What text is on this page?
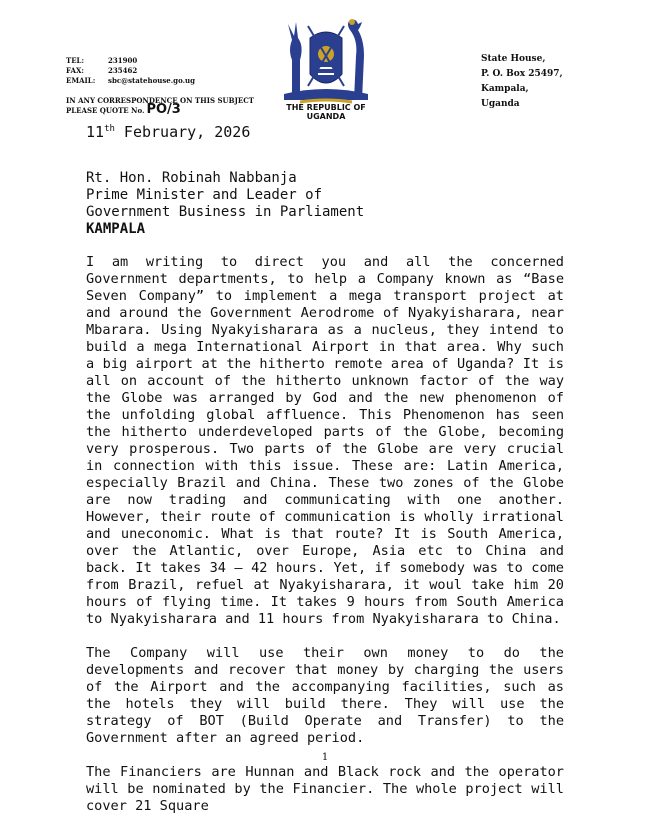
TEL:	231900
FAX:	235462
EMAIL:	sbc@statehouse.go.ug
IN ANY CORRESPONDENCE ON THIS SUBJECT PLEASE QUOTE No. PO/3	THE REPUBLIC OF UGANDA
State House,
P. O. Box 25497,
Kampala,
Uganda
11th February, 2026
Rt. Hon. Robinah Nabbanja
Prime Minister and Leader of
Government Business in Parliament
KAMPALA

I am writing to direct you and all the concerned Government departments, to help a Company known as “Base Seven Company” to implement a mega transport project at and around the Government Aerodrome of Nyakyisharara, near Mbarara. Using Nyakyisharara as a nucleus, they intend to build a mega International Airport in that area. Why such a big airport at the hitherto remote area of Uganda? It is all on account of the hitherto unknown factor of the way the Globe was arranged by God and the new phenomenon of the unfolding global affluence. This Phenomenon has seen the hitherto underdeveloped parts of the Globe, becoming very prosperous. Two parts of the Globe are very crucial in connection with this issue. These are: Latin America, especially Brazil and China. These two zones of the Globe are now trading and communicating with one another. However, their route of communication is wholly irrational and uneconomic. What is that route? It is South America, over the Atlantic, over Europe, Asia etc to China and back. It takes 34 – 42 hours. Yet, if somebody was to come from Brazil, refuel at Nyakyisharara, it woul take him 20 hours of flying time. It takes 9 hours from South America to Nyakyisharara and 11 hours from Nyakyisharara to China.

The Company will use their own money to do the developments and recover that money by charging the users of the Airport and the accompanying facilities, such as the hotels they will build there. They will use the strategy of BOT (Build Operate and Transfer) to the Government after an agreed period.

The Financiers are Hunnan and Black rock and the operator will be nominated by the Financier. The whole project will cover 21 Square

1
